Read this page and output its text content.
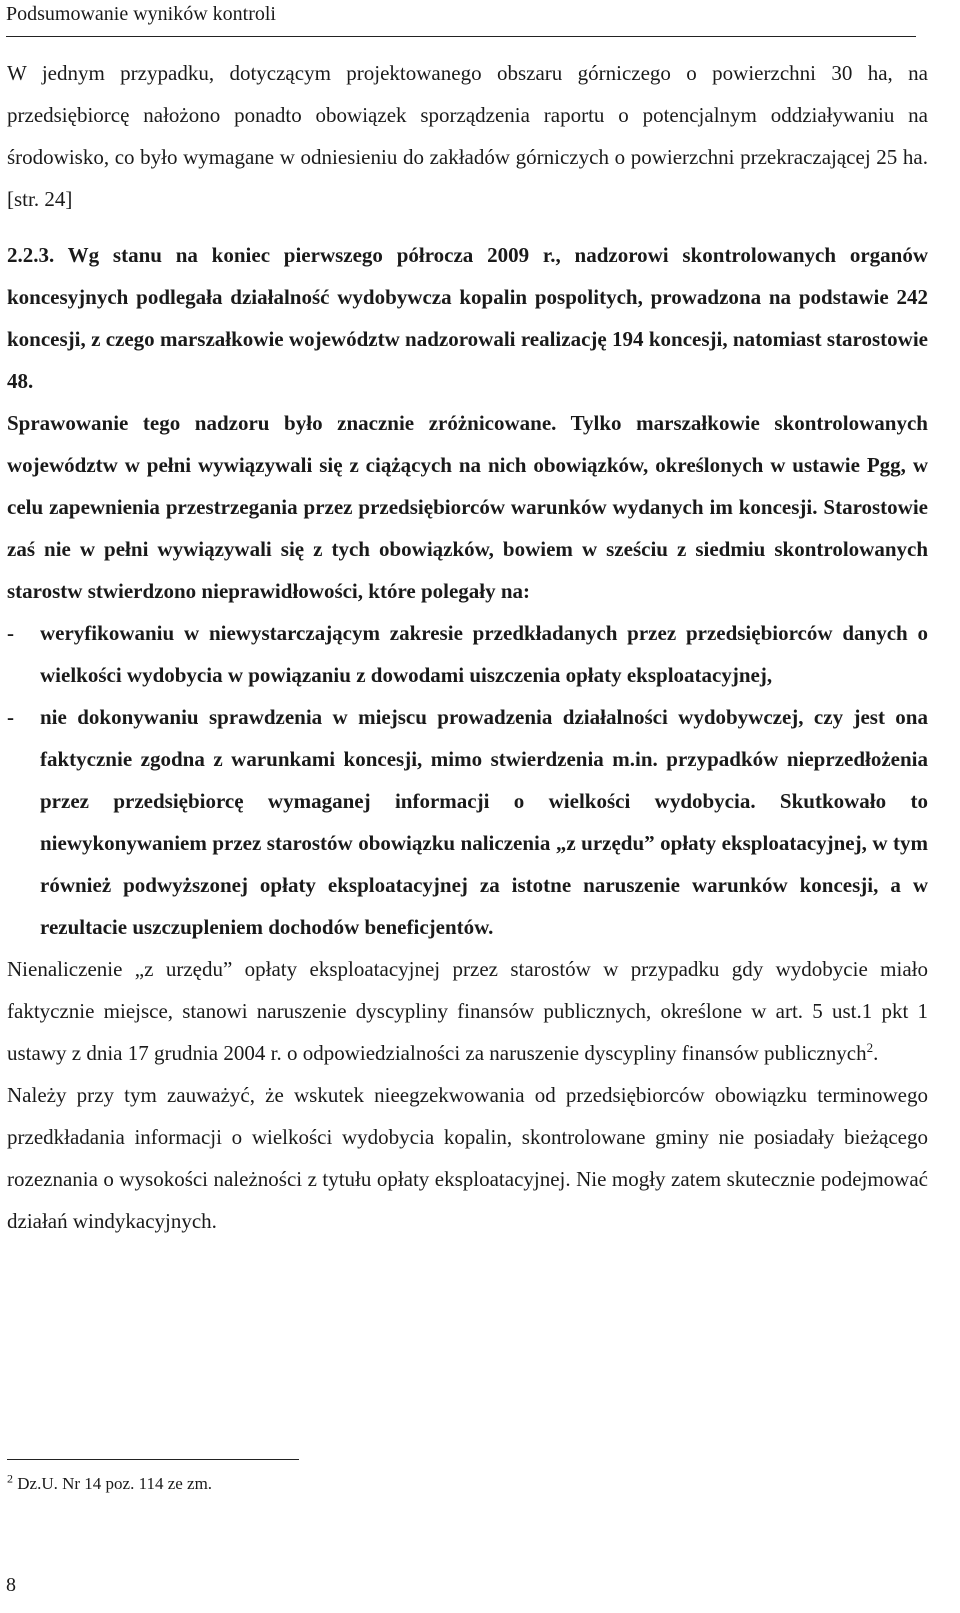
Podsumowanie wyników kontroli

W jednym przypadku, dotyczącym projektowanego obszaru górniczego o powierzchni 30 ha, na przedsiębiorcę nałożono ponadto obowiązek sporządzenia raportu o potencjalnym oddziaływaniu na środowisko, co było wymagane w odniesieniu do zakładów górniczych o powierzchni przekraczającej 25 ha. [str. 24]

2.2.3. Wg stanu na koniec pierwszego półrocza 2009 r., nadzorowi skontrolowanych organów koncesyjnych podlegała działalność wydobywcza kopalin pospolitych, prowadzona na podstawie 242 koncesji, z czego marszałkowie województw nadzorowali realizację 194 koncesji, natomiast starostowie 48.

Sprawowanie tego nadzoru było znacznie zróżnicowane. Tylko marszałkowie skontrolowanych województw w pełni wywiązywali się z ciążących na nich obowiązków, określonych w ustawie Pgg, w celu zapewnienia przestrzegania przez przedsiębiorców warunków wydanych im koncesji. Starostowie zaś nie w pełni wywiązywali się z tych obowiązków, bowiem w sześciu z siedmiu skontrolowanych starostw stwierdzono nieprawidłowości, które polegały na:

-	weryfikowaniu w niewystarczającym zakresie przedkładanych przez przedsiębiorców danych o wielkości wydobycia w powiązaniu z dowodami uiszczenia opłaty eksploatacyjnej,
-	nie dokonywaniu sprawdzenia w miejscu prowadzenia działalności wydobywczej, czy jest ona faktycznie zgodna z warunkami koncesji, mimo stwierdzenia m.in. przypadków nieprzedłożenia przez przedsiębiorcę wymaganej informacji o wielkości wydobycia. Skutkowało to niewykonywaniem przez starostów obowiązku naliczenia „z urzędu” opłaty eksploatacyjnej, w tym również podwyższonej opłaty eksploatacyjnej za istotne naruszenie warunków koncesji, a w rezultacie uszczupleniem dochodów beneficjentów.

Nienaliczenie „z urzędu” opłaty eksploatacyjnej przez starostów w przypadku gdy wydobycie miało faktycznie miejsce, stanowi naruszenie dyscypliny finansów publicznych, określone w art. 5 ust.1 pkt 1 ustawy z dnia 17 grudnia 2004 r. o odpowiedzialności za naruszenie dyscypliny finansów publicznych$^2$.

Należy przy tym zauważyć, że wskutek nieegzekwowania od przedsiębiorców obowiązku terminowego przedkładania informacji o wielkości wydobycia kopalin, skontrolowane gminy nie posiadały bieżącego rozeznania o wysokości należności z tytułu opłaty eksploatacyjnej. Nie mogły zatem skutecznie podejmować działań windykacyjnych.

$^2$ Dz.U. Nr 14 poz. 114 ze zm.
8
